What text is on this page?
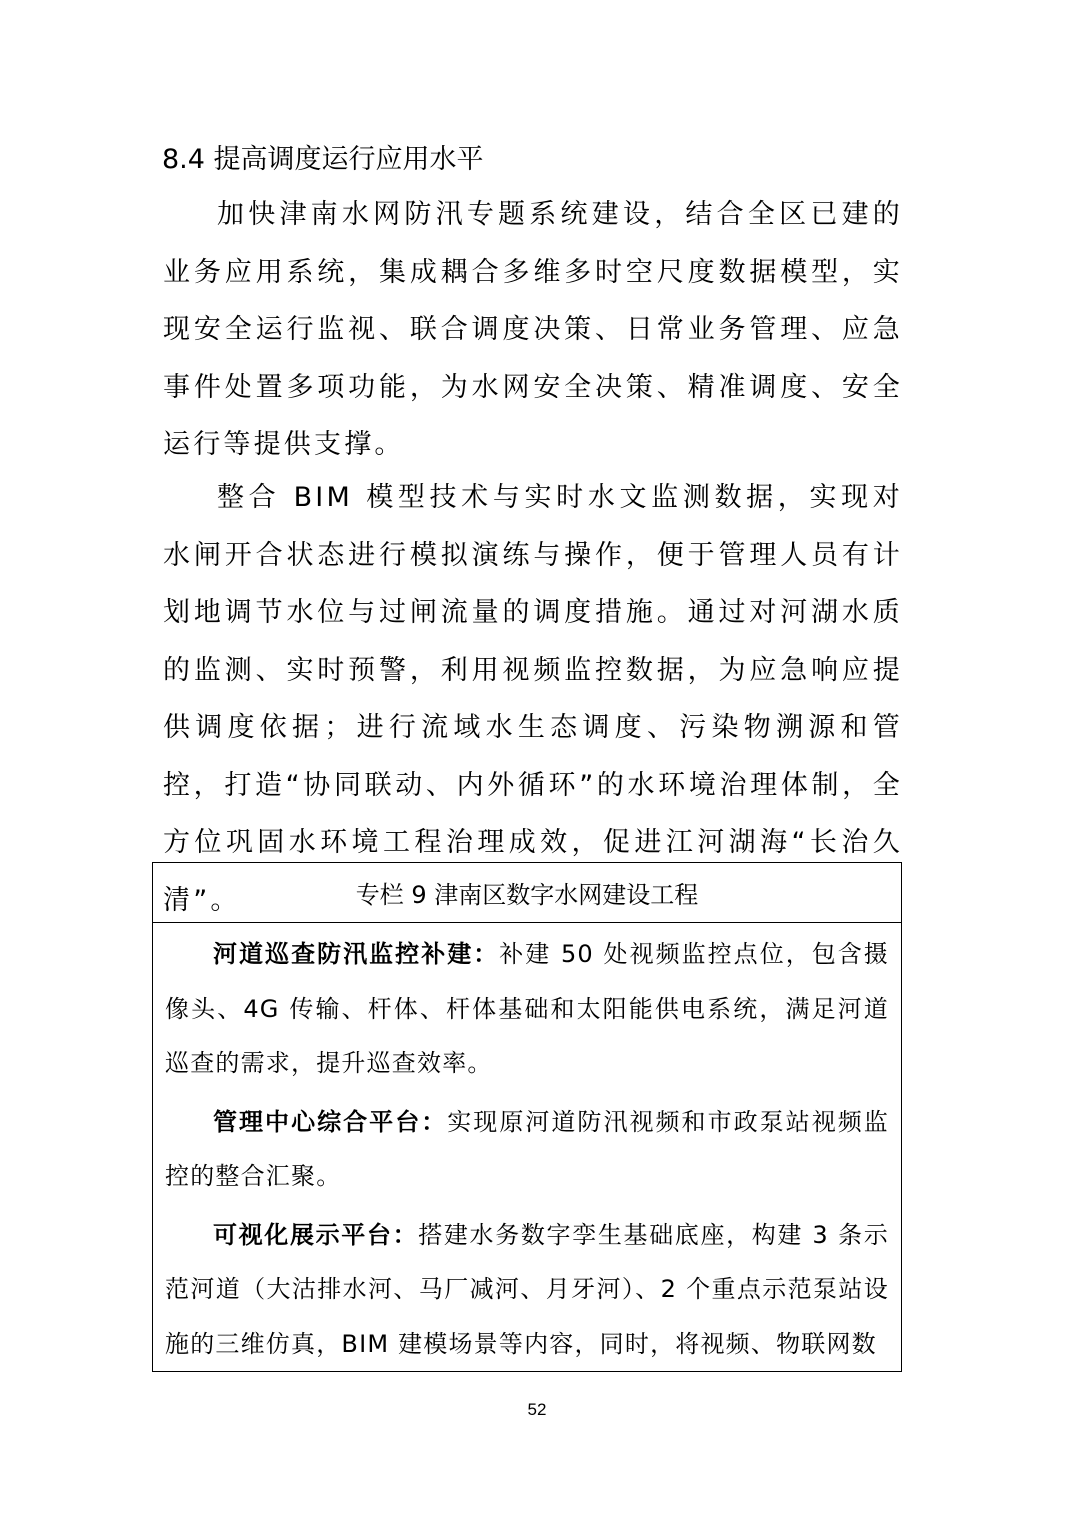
8.4 提高调度运行应用水平

加快津南水网防汛专题系统建设，结合全区已建的业务应用系统，集成耦合多维多时空尺度数据模型，实现安全运行监视、联合调度决策、日常业务管理、应急事件处置多项功能，为水网安全决策、精准调度、安全运行等提供支撑。

整合 BIM 模型技术与实时水文监测数据，实现对水闸开合状态进行模拟演练与操作，便于管理人员有计划地调节水位与过闸流量的调度措施。通过对河湖水质的监测、实时预警，利用视频监控数据，为应急响应提供调度依据；进行流域水生态调度、污染物溯源和管控，打造“协同联动、内外循环”的水环境治理体制，全方位巩固水环境工程治理成效，促进江河湖海“长治久清”。	专栏 9 津南区数字水网建设工程
河道巡查防汛监控补建：补建 50 处视频监控点位，包含摄像头、4G 传输、杆体、杆体基础和太阳能供电系统，满足河道巡查的需求，提升巡查效率。
管理中心综合平台：实现原河道防汛视频和市政泵站视频监控的整合汇聚。
可视化展示平台：搭建水务数字孪生基础底座，构建 3 条示范河道（大沽排水河、马厂减河、月牙河）、2 个重点示范泵站设施的三维仿真，BIM 建模场景等内容，同时，将视频、物联网数
52
